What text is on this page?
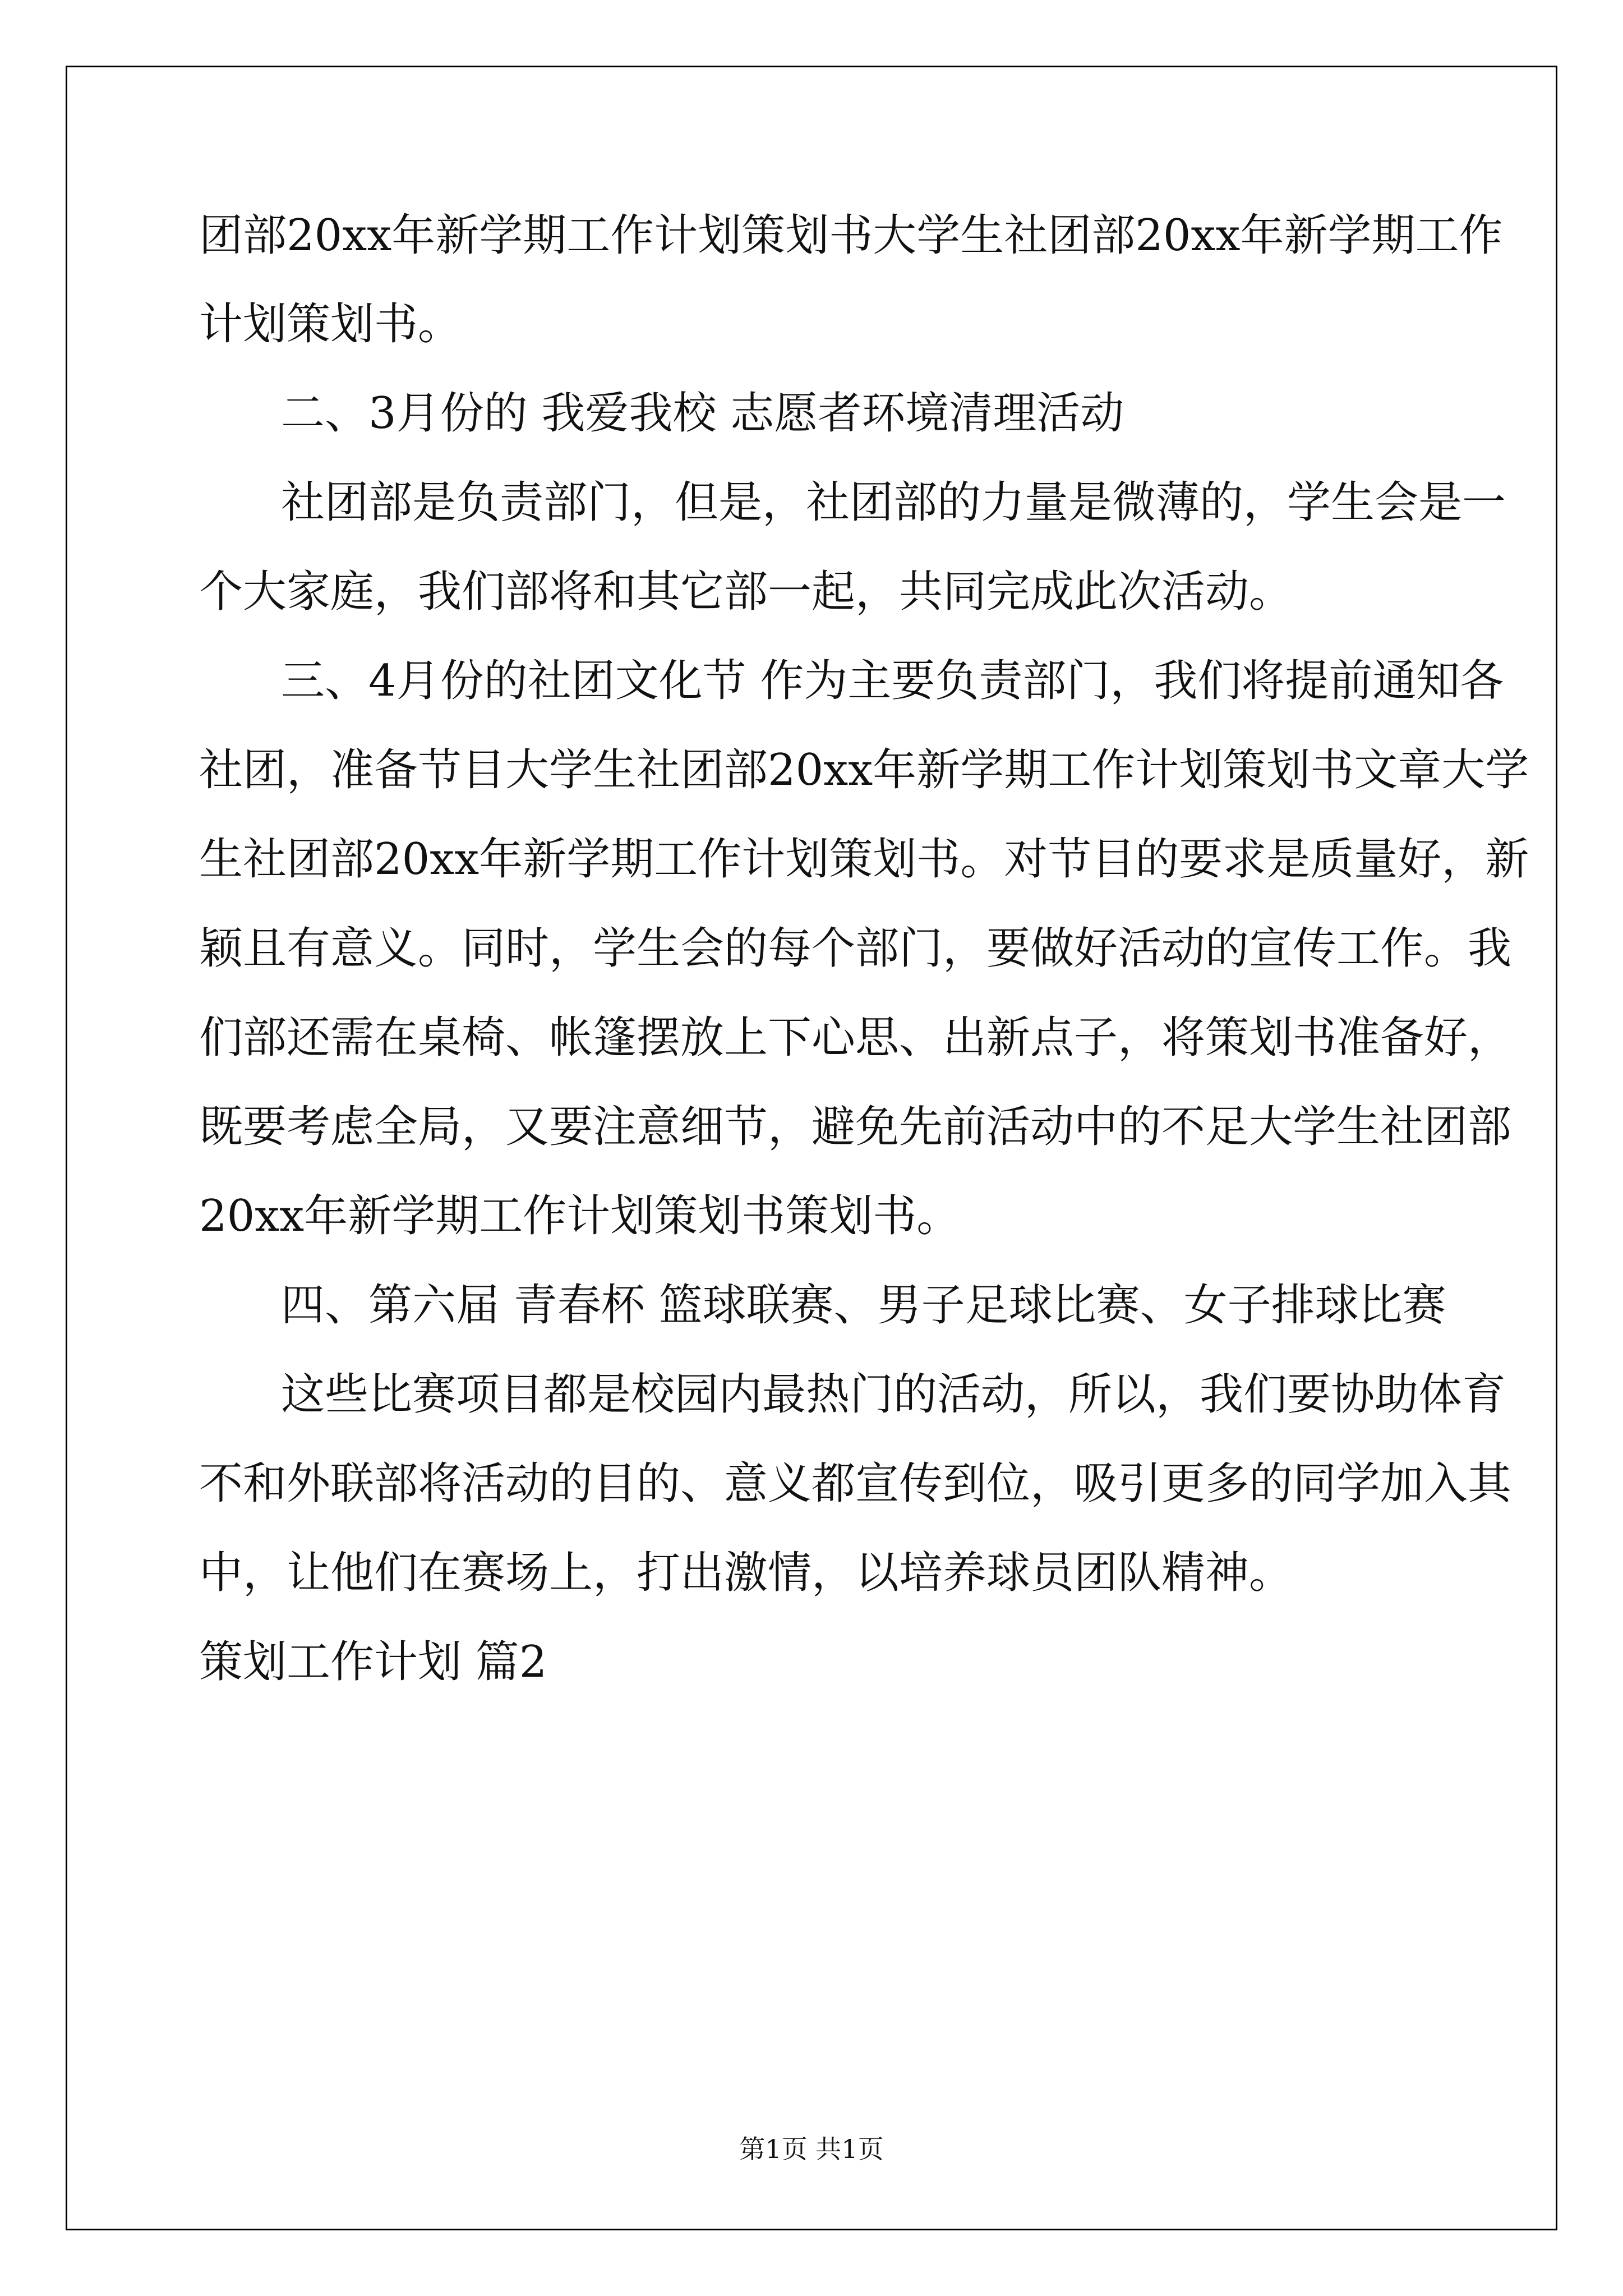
团部20xx年新学期工作计划策划书大学生社团部20xx年新学期工作
计划策划书。
二、3月份的 我爱我校 志愿者环境清理活动
社团部是负责部门，但是，社团部的力量是微薄的，学生会是一
个大家庭，我们部将和其它部一起，共同完成此次活动。
三、4月份的社团文化节 作为主要负责部门，我们将提前通知各
社团，准备节目大学生社团部20xx年新学期工作计划策划书文章大学
生社团部20xx年新学期工作计划策划书。对节目的要求是质量好，新
颖且有意义。同时，学生会的每个部门，要做好活动的宣传工作。我
们部还需在桌椅、帐篷摆放上下心思、出新点子，将策划书准备好，
既要考虑全局，又要注意细节，避免先前活动中的不足大学生社团部
20xx年新学期工作计划策划书策划书。
四、第六届 青春杯 篮球联赛、男子足球比赛、女子排球比赛
这些比赛项目都是校园内最热门的活动，所以，我们要协助体育
不和外联部将活动的目的、意义都宣传到位，吸引更多的同学加入其
中，让他们在赛场上，打出激情，以培养球员团队精神。
策划工作计划 篇2
第1页 共1页
